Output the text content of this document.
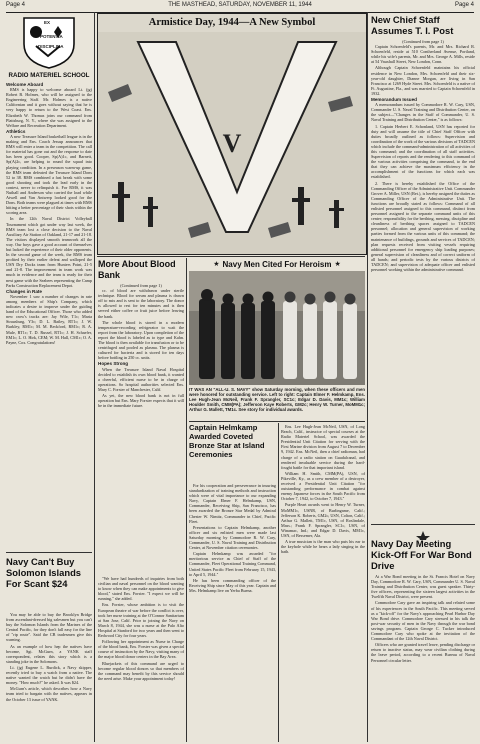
Page 4	THE MASTHEAD, SATURDAY, NOVEMBER 11, 1944	Page 4
EX
POTENTIA
DISCIPLINA
RADIO MATERIEL SCHOOL
Welcome Aboard

RMS is happy to welcome aboard Lt. (jg) Robert B. Holmes, who will be assigned to the Engineering Staff. Mr. Holmes is a native Californian and it goes without saying that he is very happy to return to the West Coast. Ens. Elizabeth W. Thomas joins our command from Plattsburg, N. Y., where she was assigned to the Welfare and Recreation Department.

Athletics

A new Treasure Island basketball league is in the making and Ens. Coach Jessup announces that RMS will enter a team in the competition. The call for material has gone out and the response to date has been good. Cooper, Sp(A)1c, and Barnett, Sp(A)2c, are helping to round the squad into playing condition. In a preseason warm-up game, the RMS team defeated the Treasure Island Dons 52 to 38. RMS combined a fast break with some good shooting and took the lead early in the contest, never to relinquish it. For RMS, it was Nuthall and Anderson who carried the load while Atwell and Van Antwerp looked good for the Dons. Both teams were plagued at times with RMS hitting a better percentage of their shots within the scoring area.

In the 12th Naval District Volleyball Tournament which got under way last week, the RMS team lost a close decision to the Naval Auxiliary Air Station of Oakland, 21-17 and 21-18. The visitors displayed smooth teamwork all the way. Our boys gave a good account of themselves but lacked the experience of their older opponents. In the second game of the week, the RMS team profited by their earlier defeat and walloped the USN Dry Docks team from Hunters Point, 21-5 and 21-8. The improvement in team work was much in evidence and the team is ready for their next game with the Seabees representing the Camp Parks Construction Replacement Depot.

Changes in Rate

November 1 saw a number of changes in rate among members of Ship's Company, which indicates a desire to improve under the guiding hand of the Educational Officer. Those who added new crow's tracks are: Jay Wile, T1c; Maria Strausburg, Y3c; D. L. Bailey, RT1c; J. W. Burkley, RM1c; M. M. Beckford, RM1c; R. A. Mule, RT1c; T. D. Russel, RT1c; J. H. Schaefer, EM1c; L. O. Hirk, CEM; W. M. Hall, CM1c; O. A. Payne, Cox. Congratulations!

Navy Can't Buy Solomon Islands For Scant $24

You may be able to buy the Brooklyn Bridge from ascendant-dressed big salesmen but you can't buy the Solomon Islands from the Marines of the Central Pacific, for they don't fall easy for the line of "rip route". Said the CB tradesmen give this warning.

As an example of how hep the natives have become, Sgt. McGurn, a YANK staff correspondent, relates this story which is a standing joke in the Solomons.

Lt. (jg) Eugene L. Burdick, a Navy skipper, recently tried to buy a watch from a native. The native wanted the watch but he didn't have the money. "How much?" he asked. It was $24.

McGurn's article, which describes how a Navy team tried to bargain with the natives, appears in the October 13 issue of YANK.

Armistice Day, 1944—A New Symbol
V
New Chief Staff Assumes T. I. Post
(Continued from page 1)

Captain Schoenfeld's parents, Mr. and Mrs. Richard R. Schoenfeld, reside at 510 Contherland Avenue, Portland, while his wife's parents, Mr. and Mrs. George A. Mills, reside at 54 Vauxhall Street, New London, Conn.

Although Captain Schoenfeld maintains his official residence in New London, Mrs. Schoenfeld and their six-year-old daughter, Dianne Morgan, are living in San Francisco at 1269 Hyde Street. Mrs. Schoenfeld is a native of Ft. Augustine, Fla., and was married to Captain Schoenfeld in 1932.

Memorandum Issued

A memorandum issued by Commodore R. W. Cary, USN, Commander U. S. Naval Training and Distribution Center, on the subject—"Changes in the Staff of Commander, U. S. Naval Training and Distribution Center," is as follows:

1. Captain Herbert E. Schonland, USN has reported for duty and will assume the title of Chief Staff Officer with duties broadly outlined as follows: Supervision and coordination of the work of the various divisions of TADCEN which include the command-administration of all activities of this command; and the coordination of all staff activities. Supervision of reports and the rendering to this command of the various activities comprising the command, to the end that they can achieve the maximum efficiency in the accomplishment of the functions for which each was established.

2. There is hereby established the Office of the Commanding Officer of the Administrative Unit. Commander Grover A. Miller, USN (Ret.), is hereby assigned the duties as Commanding Officer of the Administrative Unit. The functions are broadly stated as follows: Command of all enlisted personnel assigned to this command, distinct from personnel assigned to the separate command units of this center; responsibility for the berthing, messing, discipline and cleanliness of berthing spaces assigned to TADCEN personnel; allocation and general supervision of working parties formed from the various units of this command; the maintenance of buildings, grounds and services of TADCEN; plan requests received from visiting vessels requiring additional personnel for emergency ship loading purposes; general supervision of cleanliness and of correct uniform of all hands; and periodic tests by the various districts of TADCEN; and supervision of adequate officer and enlisted personnel working within the administrative command.

Navy Day Meeting Kick-Off For War Bond Drive

At a War Bond meeting in the St. Francis Hotel on Navy Day, Commodore R. W. Cary, USN, Commander U. S. Naval Training and Distribution Center, was guest speaker. Thirty-five officers, representing the sixteen largest activities in the Twelfth Naval District, were present.

Commodore Cary gave an inspiring talk and related some of his experiences in the South Pacific. This meeting served as a "kick-off" for the Navy's approaching Pearl Harbor Day War Bond drive. Commodore Cary stressed in his talk the post-war security of men in the Navy through the war bond savings program. Captain George C. Tucker introduced Commodore Cary who spoke at the invitation of the Commandant of the 12th Naval District.

Officers who are granted travel leave, pending discharge or return to inactive status, may wear civilian clothing during the leave period, according to a recent Bureau of Naval Personnel circular letter.

More About Blood Bank
(Continued from page 1)

cc. of blood are withdrawn under sterile technique. Blood for serum and plasma is drawn off to mix and is sent to the laboratory. The donor is allowed to rest for ten minutes and is then served either coffee or fruit juice before leaving the bank.

The whole blood is stored in a modern temperature-recording refrigerator to wait the report from the laboratory. Upon completion of the report the blood is labeled as to type and Kahn. The blood is then available for transfusion or to be centrifuged and pooled as plasma. The plasma is cultured for bacteria and is stored for ten days before bottling in 250 cc. units.

Hopes Strong

When the Treasure Island Naval Hospital decided to establish its own blood bank, it wanted a cheerful, efficient nurse to be in charge of operations. So hospital authorities selected Ens. Mary C. Forster of Manchester, Calif.

As yet, the new blood bank is not in full operation but Ens. Mary Forster expects that it will be in the immediate future.

"We have had hundreds of inquiries from both civilian and naval personnel on the blood wanting to know when they can make appointments to give blood," stated Ens. Forster. "I expect we will be running," she added.

Ens. Forster, whose ambition is to visit the European theatre of war before the conflict is over, took her nurse training at the O'Connor Sanitarium at San Jose, Calif. Prior to joining the Navy on March 8, 1944, she was a nurse at the Palo Alto Hospital at Stanford for two years and then went to Redwood City for four years.

Following her appointment as Nurse in Charge of the blood bank, Ens. Forster was given a special course of instruction by the Navy, visiting many of the major blood donor centers in the Bay Area.

Bluejackets of this command are urged to become regular blood donors so that members of the command may benefit by this service should the need arise. Make your appointment today!

★ Navy Men Cited For Heroism ★
IT WAS AN "ALL-U. S. NAVY" show Saturday morning, when these officers and men were honored for outstanding service. Left to right: Captain Elmer F. Helmkamp, Ens. Lee Hugh-Jean McNeil, Frank F. Sprangler, SC1c; Edgar D. Davis, MM1c; William Houlder Smith, CMM(PA); Jefferson Kaye Roberts, GM2c; Henry W. Turner, MoMM1c; Arthur G. Mallett, TM1c. See story for individual awards.
Captain Helmkamp Awarded Coveted Bronze Star at Island Ceremonies

For his cooperation and perseverance in insuring standardization of training methods and instruction which were of vital importance to our expanding Navy, Captain Elmer F. Helmkamp, USN, Commander, Receiving Ship, San Francisco, has been awarded the Bronze Star Medal by Admiral Chester W. Nimitz, Commander in Chief, Pacific Fleet.

Presentations to Captain Helmkamp, another officer and six enlisted men were made last Saturday morning by Commodore R. W. Cary, Commander, U. S. Naval Training and Distribution Center, at November citation ceremonies.

Captain Helmkamp was awarded "for meritorious service as Chief of Staff of the Commander, Fleet Operational Training Command, United States Pacific Fleet from February 15, 1943, to April 5, 1944."

He has been commanding officer of the Receiving Ship since May of this year. Captain and Mrs. Helmkamp live on Yerba Buena.

Ens. Lee Hugh-Jean McNeil, USN, of Long Beach, Calif., instructor of special courses at the Radio Materiel School, was awarded the Presidential Unit Citation for serving with the First Marine division from August 7 to December 9, 1942. Ens. McNeil, then a chief radioman, had charge of a radio station on Guadalcanal, and rendered invaluable service during the hard-fought battle for that important island.

William H. Smith, CMM(PA), USN, of Pikeville, Ky., as a crew member of a destroyer, received a Presidential Unit Citation "for outstanding performance in combat against enemy Japanese forces in the South Pacific from October 7, 1942, to October 7, 1943."

Purple Heart awards went to Henry W. Turner, MoMM1c, USNR, of Burlingame, Calif.; Jefferson K. Roberts, GM2c, USN, Colton, Calif.; Arthur G. Mallett, TM1c, USN, of Roslindale, Mass.; Frank F. Sprangler, SC1c, USN, of Winamac, Ind.; and Edgar D. Davis, MM1c, USN, of Bessemer, Ala.

A true musician is the man who puts his ear to the keyhole while he hears a lady singing in the bath.
